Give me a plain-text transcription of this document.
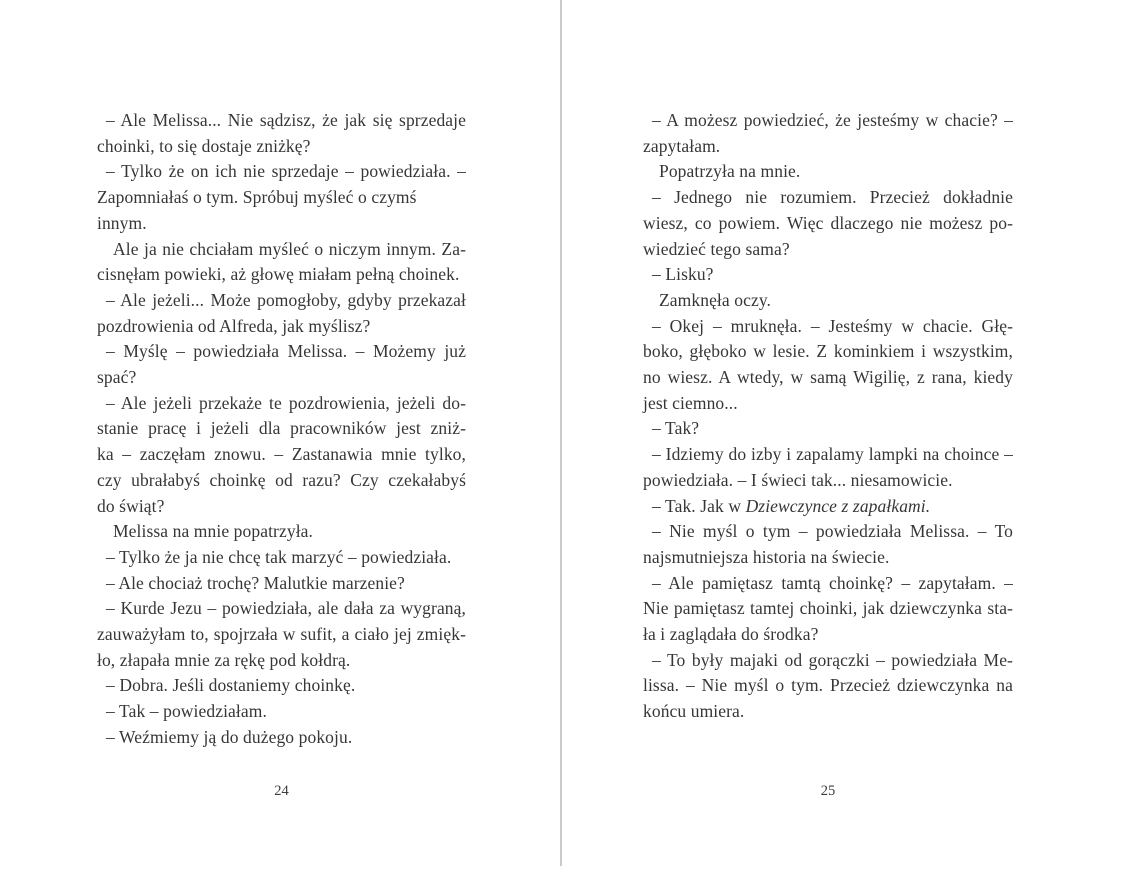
– Ale Melissa... Nie sądzisz, że jak się sprzedaje
choinki, to się dostaje zniżkę?
– Tylko że on ich nie sprzedaje – powiedziała. –
Zapomniałaś o tym. Spróbuj myśleć o czymś innym.
Ale ja nie chciałam myśleć o niczym innym. Za-
cisnęłam powieki, aż głowę miałam pełną choinek.
– Ale jeżeli... Może pomogłoby, gdyby przekazał
pozdrowienia od Alfreda, jak myślisz?
– Myślę – powiedziała Melissa. – Możemy już
spać?
– Ale jeżeli przekaże te pozdrowienia, jeżeli do-
stanie pracę i jeżeli dla pracowników jest zniż-
ka – zaczęłam znowu. – Zastanawia mnie tylko,
czy ubrałabyś choinkę od razu? Czy czekałabyś
do świąt?
Melissa na mnie popatrzyła.
– Tylko że ja nie chcę tak marzyć – powiedziała.
– Ale chociaż trochę? Malutkie marzenie?
– Kurde Jezu – powiedziała, ale dała za wygraną,
zauważyłam to, spojrzała w sufit, a ciało jej zmięk-
ło, złapała mnie za rękę pod kołdrą.
– Dobra. Jeśli dostaniemy choinkę.
– Tak – powiedziałam.
– Weźmiemy ją do dużego pokoju.
– A możesz powiedzieć, że jesteśmy w chacie? –
zapytałam.
Popatrzyła na mnie.
– Jednego nie rozumiem. Przecież dokładnie
wiesz, co powiem. Więc dlaczego nie możesz po-
wiedzieć tego sama?
– Lisku?
Zamknęła oczy.
– Okej – mruknęła. – Jesteśmy w chacie. Głę-
boko, głęboko w lesie. Z kominkiem i wszystkim,
no wiesz. A wtedy, w samą Wigilię, z rana, kiedy
jest ciemno...
– Tak?
– Idziemy do izby i zapalamy lampki na choince –
powiedziała. – I świeci tak... niesamowicie.
– Tak. Jak w Dziewczynce z zapałkami.
– Nie myśl o tym – powiedziała Melissa. – To
najsmutniejsza historia na świecie.
– Ale pamiętasz tamtą choinkę? – zapytałam. –
Nie pamiętasz tamtej choinki, jak dziewczynka sta-
ła i zaglądała do środka?
– To były majaki od gorączki – powiedziała Me-
lissa. – Nie myśl o tym. Przecież dziewczynka na
końcu umiera.
24	25
